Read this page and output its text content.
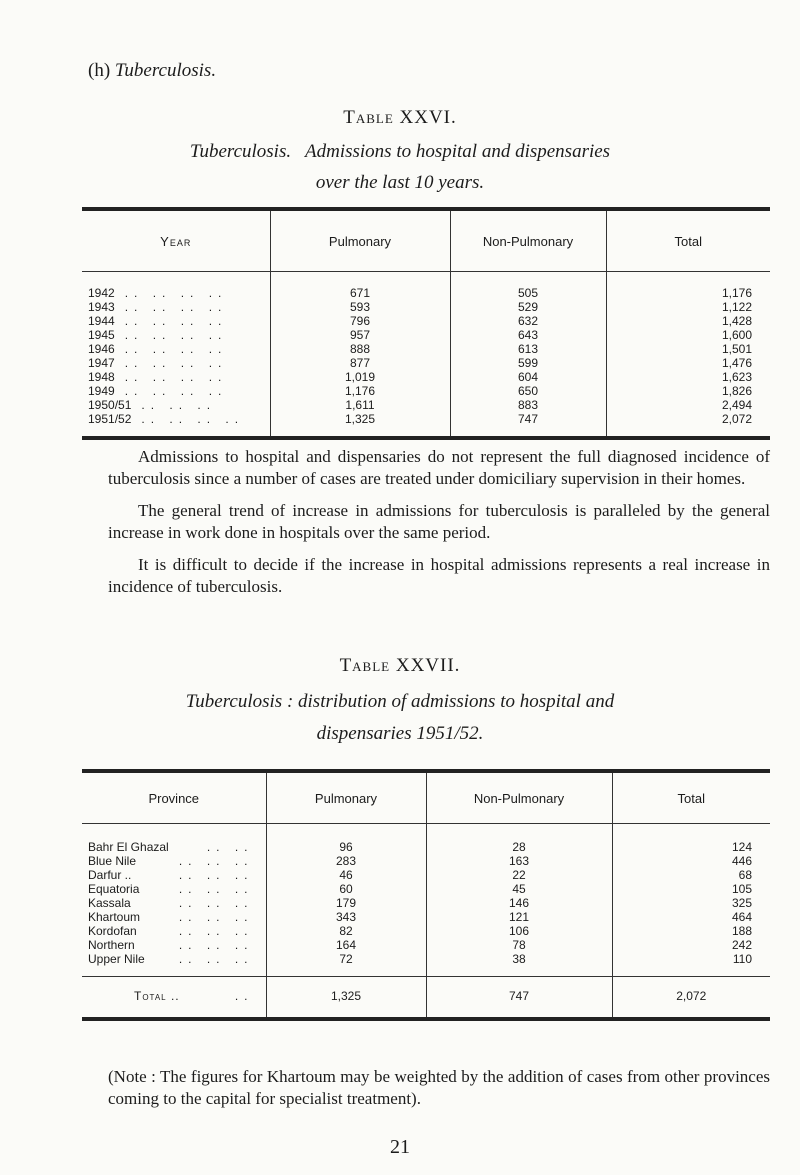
(h) Tuberculosis.
Table XXVI.
Tuberculosis.   Admissions to hospital and dispensaries
over the last 10 years.
Year	Pulmonary	Non-Pulmonary	Total
1942 .. .. .. ..	671	505	1,176
1943 .. .. .. ..	593	529	1,122
1944 .. .. .. ..	796	632	1,428
1945 .. .. .. ..	957	643	1,600
1946 .. .. .. ..	888	613	1,501
1947 .. .. .. ..	877	599	1,476
1948 .. .. .. ..	1,019	604	1,623
1949 .. .. .. ..	1,176	650	1,826
1950/51 .. .. ..	1,611	883	2,494
1951/52 .. .. .. ..	1,325	747	2,072

Admissions to hospital and dispensaries do not represent the full diagnosed incidence of tuberculosis since a number of cases are treated under domiciliary supervision in their homes.

The general trend of increase in admissions for tuberculosis is paralleled by the general increase in work done in hospitals over the same period.

It is difficult to decide if the increase in hospital admissions represents a real increase in incidence of tuberculosis.

Table XXVII.
Tuberculosis : distribution of admissions to hospital and
dispensaries 1951/52.
Province	Pulmonary	Non-Pulmonary	Total
Bahr El Ghazal .. ..	96	28	124
Blue Nile .. .. ..	283	163	446
Darfur .. .. .. ..	46	22	68
Equatoria .. .. ..	60	45	105
Kassala .. .. ..	179	146	325
Khartoum .. .. ..	343	121	464
Kordofan .. .. ..	82	106	188
Northern .. .. ..	164	78	242
Upper Nile .. .. ..	72	38	110
Total .. ..	1,325	747	2,072
(Note : The figures for Khartoum may be weighted by the addition of cases from other provinces coming to the capital for specialist treatment).
21
